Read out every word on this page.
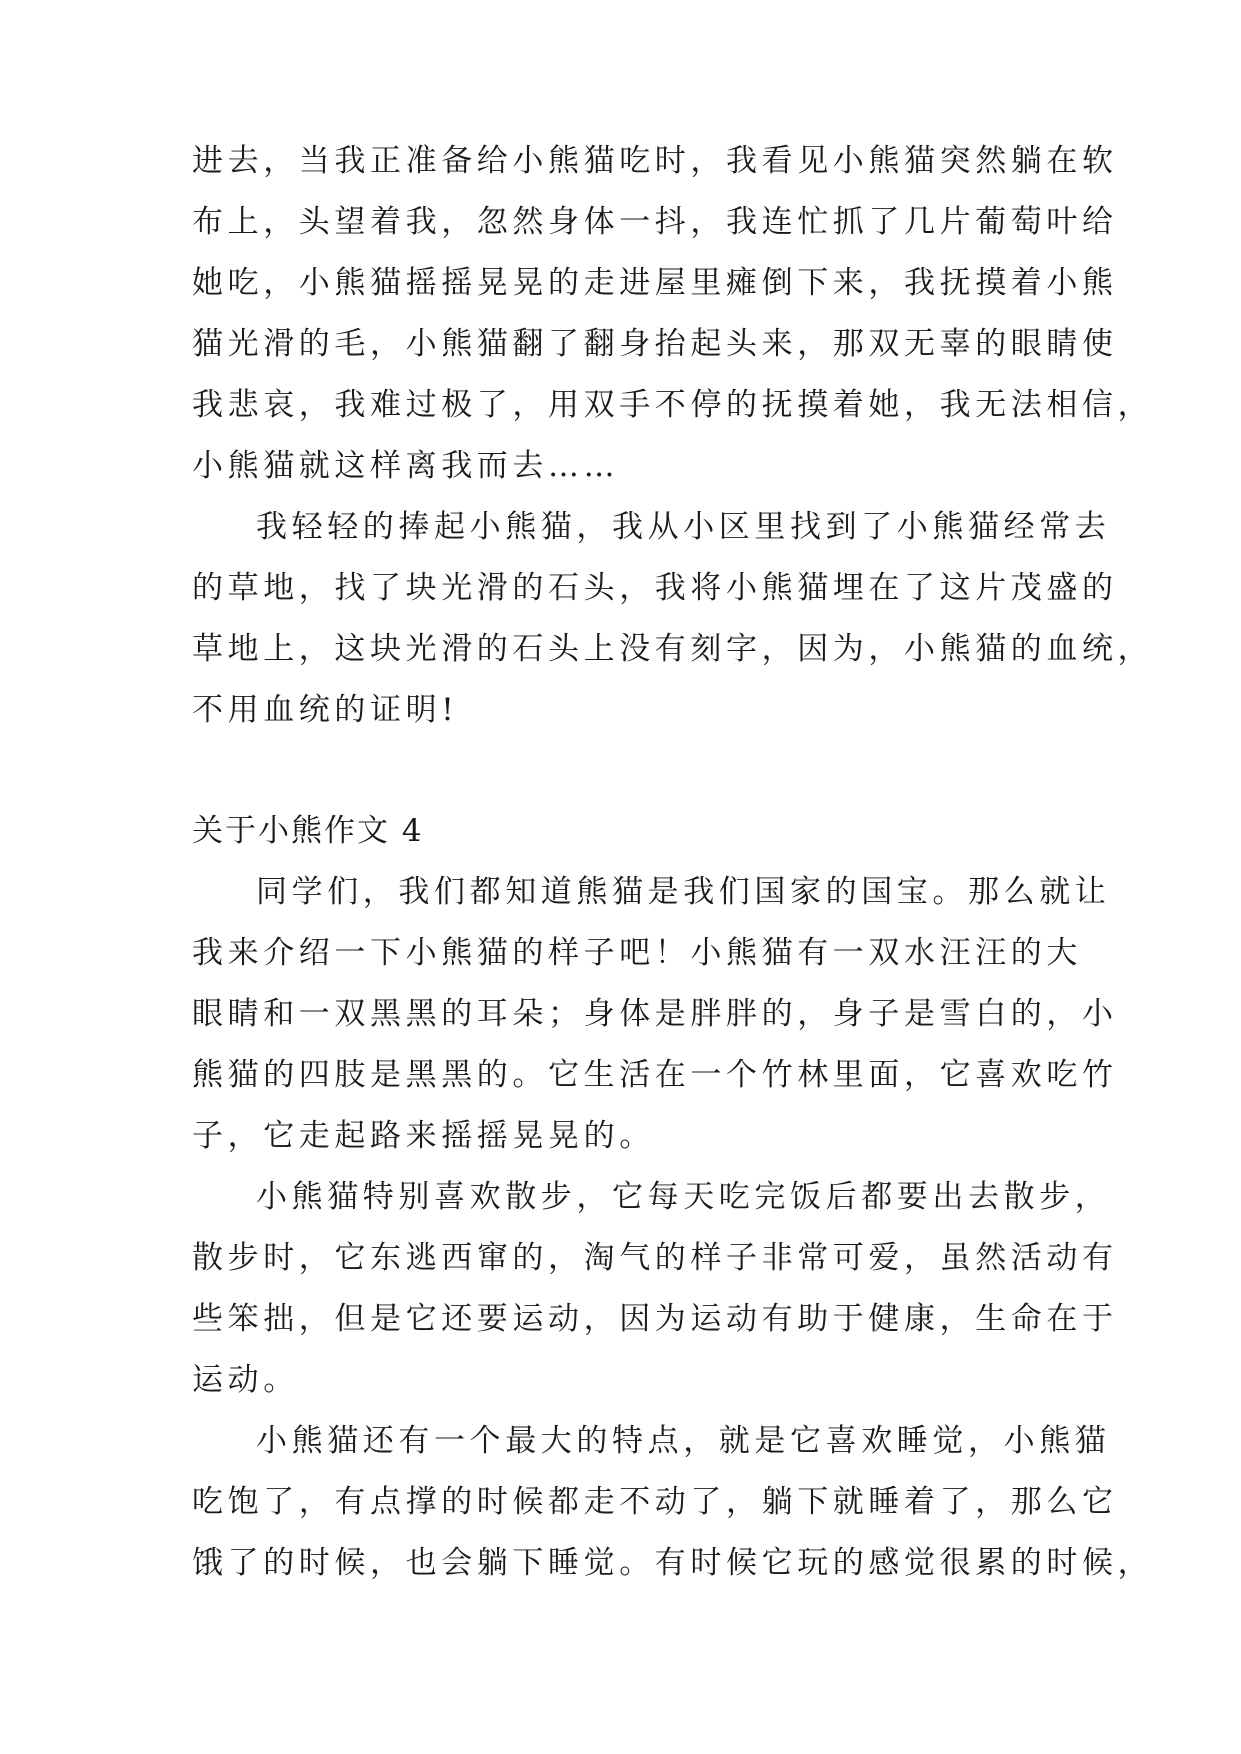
进去，当我正准备给小熊猫吃时，我看见小熊猫突然躺在软
布上，头望着我，忽然身体一抖，我连忙抓了几片葡萄叶给
她吃，小熊猫摇摇晃晃的走进屋里瘫倒下来，我抚摸着小熊
猫光滑的毛，小熊猫翻了翻身抬起头来，那双无辜的眼睛使
我悲哀，我难过极了，用双手不停的抚摸着她，我无法相信，
小熊猫就这样离我而去……
我轻轻的捧起小熊猫，我从小区里找到了小熊猫经常去
的草地，找了块光滑的石头，我将小熊猫埋在了这片茂盛的
草地上，这块光滑的石头上没有刻字，因为，小熊猫的血统，
不用血统的证明!
关于小熊作文 4
同学们，我们都知道熊猫是我们国家的国宝。那么就让
我来介绍一下小熊猫的样子吧！小熊猫有一双水汪汪的大
眼睛和一双黑黑的耳朵；身体是胖胖的，身子是雪白的，小
熊猫的四肢是黑黑的。它生活在一个竹林里面，它喜欢吃竹
子，它走起路来摇摇晃晃的。
小熊猫特别喜欢散步，它每天吃完饭后都要出去散步，
散步时，它东逃西窜的，淘气的样子非常可爱，虽然活动有
些笨拙，但是它还要运动，因为运动有助于健康，生命在于
运动。
小熊猫还有一个最大的特点，就是它喜欢睡觉，小熊猫
吃饱了，有点撑的时候都走不动了，躺下就睡着了，那么它
饿了的时候，也会躺下睡觉。有时候它玩的感觉很累的时候，
